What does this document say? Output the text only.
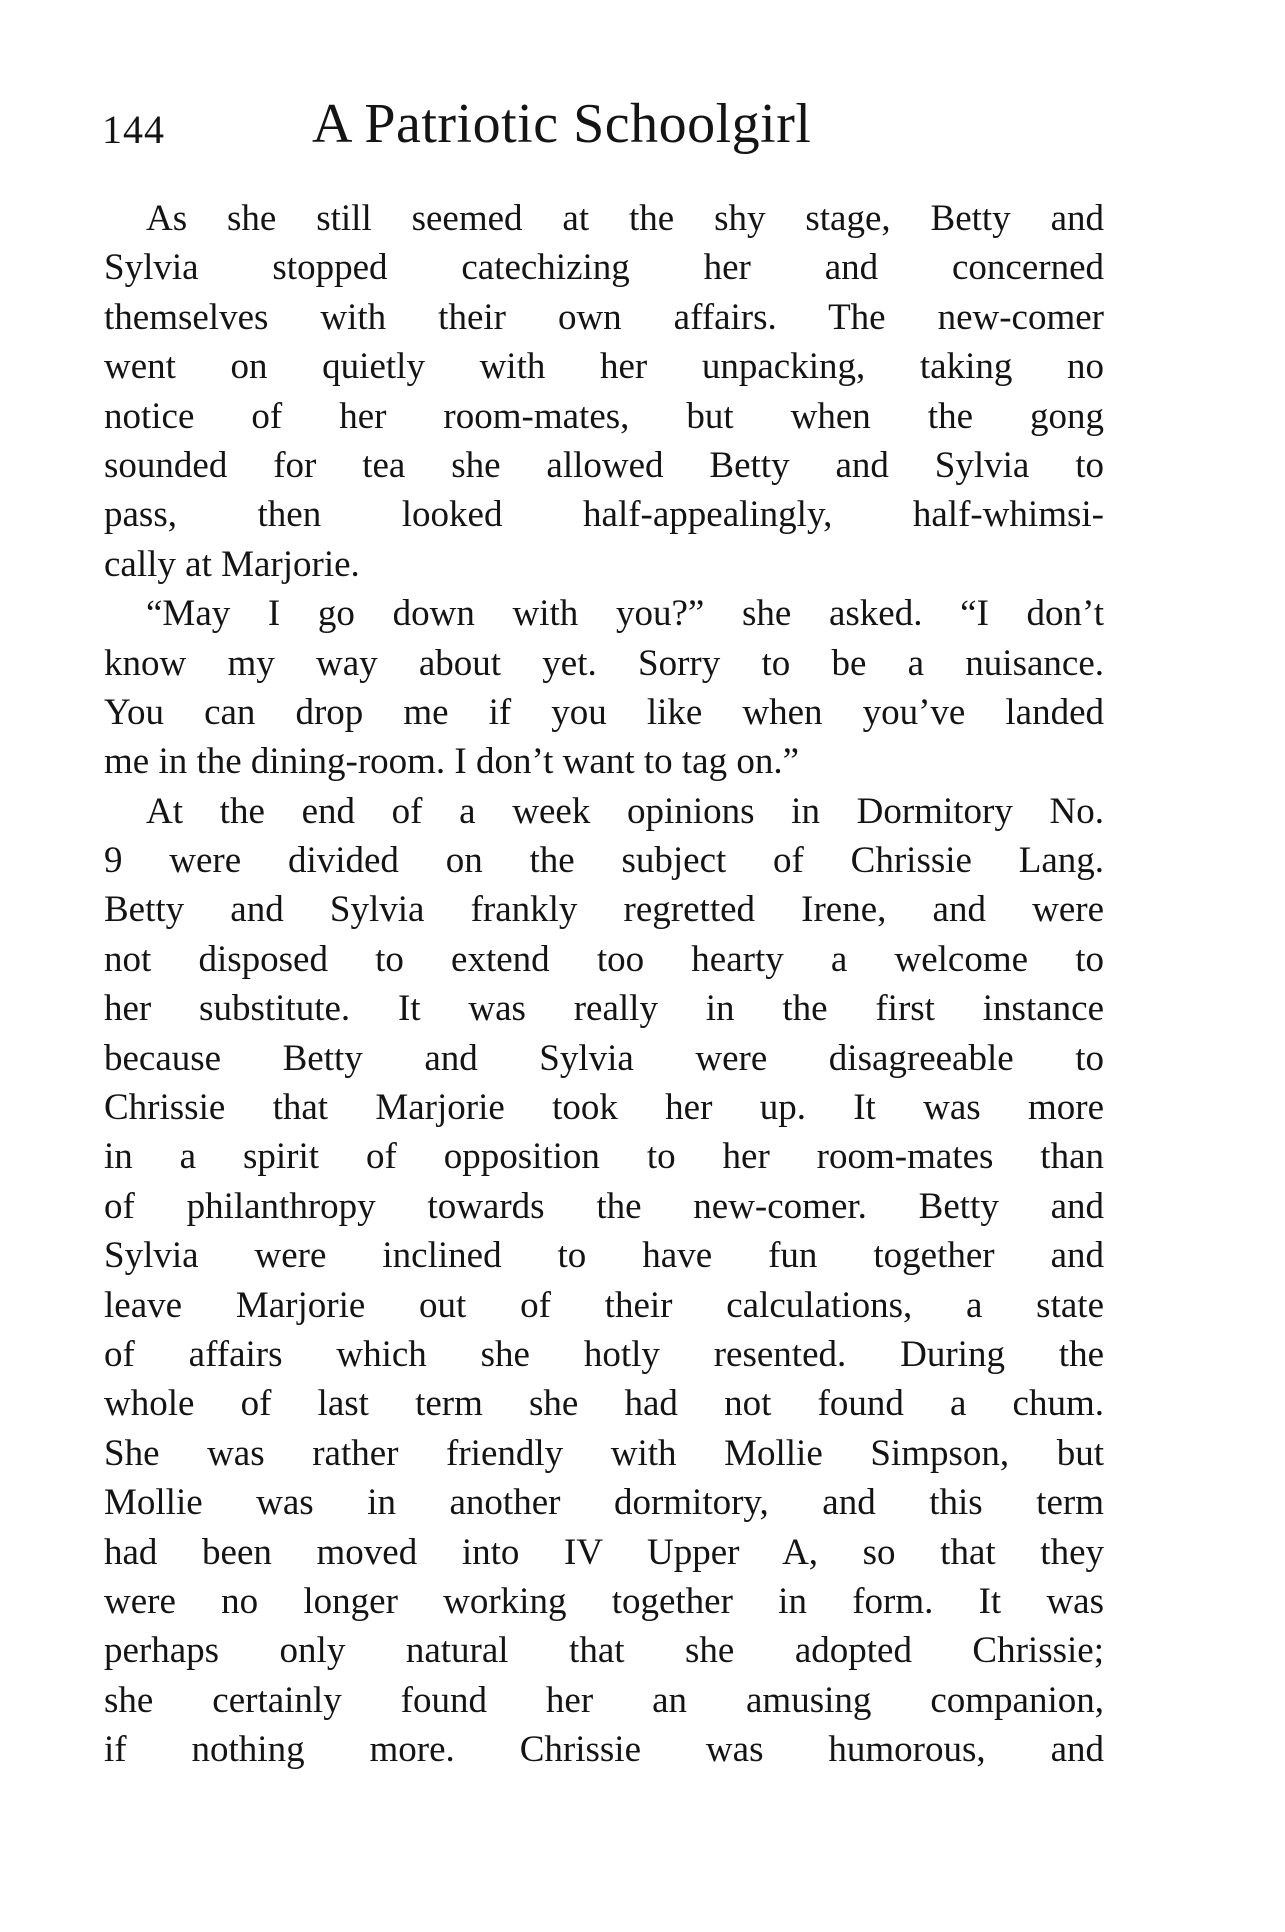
144	A Patriotic Schoolgirl
As she still seemed at the shy stage, Betty and
Sylvia stopped catechizing her and concerned
themselves with their own affairs. The new-comer
went on quietly with her unpacking, taking no
notice of her room-mates, but when the gong
sounded for tea she allowed Betty and Sylvia to
pass, then looked half-appealingly, half-whimsi-
cally at Marjorie.
“May I go down with you?” she asked. “I don’t
know my way about yet. Sorry to be a nuisance.
You can drop me if you like when you’ve landed
me in the dining-room. I don’t want to tag on.”
At the end of a week opinions in Dormitory No.
9 were divided on the subject of Chrissie Lang.
Betty and Sylvia frankly regretted Irene, and were
not disposed to extend too hearty a welcome to
her substitute. It was really in the first instance
because Betty and Sylvia were disagreeable to
Chrissie that Marjorie took her up. It was more
in a spirit of opposition to her room-mates than
of philanthropy towards the new-comer. Betty and
Sylvia were inclined to have fun together and
leave Marjorie out of their calculations, a state
of affairs which she hotly resented. During the
whole of last term she had not found a chum.
She was rather friendly with Mollie Simpson, but
Mollie was in another dormitory, and this term
had been moved into IV Upper A, so that they
were no longer working together in form. It was
perhaps only natural that she adopted Chrissie;
she certainly found her an amusing companion,
if nothing more. Chrissie was humorous, and
